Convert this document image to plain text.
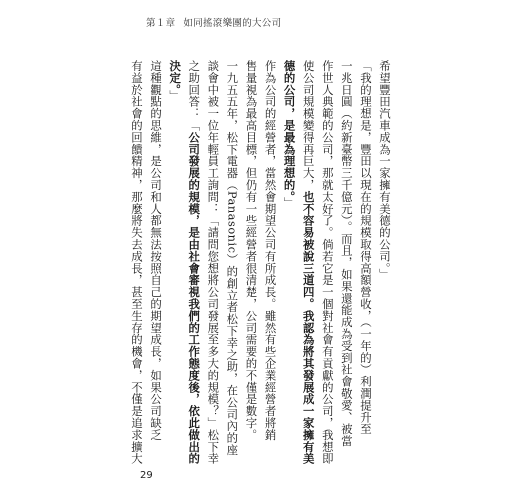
第１章 如同搖滾樂團的大公司
希望豐田汽車成為一家擁有美德的公司。」
「我的理想是，豐田以現在的規模取得高額營收，（一年的）利潤提升至
一兆日圓（約新臺幣三千億元）。而且，如果還能成為受到社會敬愛、被當
作世人典範的公司，那就太好了。倘若它是一個對社會有貢獻的公司，我想即
使公司規模變得再巨大，也不容易被說三道四。我認為將其發展成一家擁有美
德的公司，是最為理想的。」
作為公司的經營者，當然會期望公司有所成長。雖然有些企業經營者將銷
售量視為最高目標，但仍有一些經營者很清楚，公司需要的不僅是數字。
一九五五年，松下電器（Panasonic）的創立者松下幸之助，在公司內的座
談會中被一位年輕員工詢問：「請問您想將公司發展至多大的規模？」松下幸
之助回答：「公司發展的規模，是由社會審視我們的工作態度後，依此做出的
決定。」
這種觀點的思維，是公司和人都無法按照自己的期望成長，如果公司缺乏
有益於社會的回饋精神，那麼將失去成長，甚至生存的機會，不僅是追求擴大
29
